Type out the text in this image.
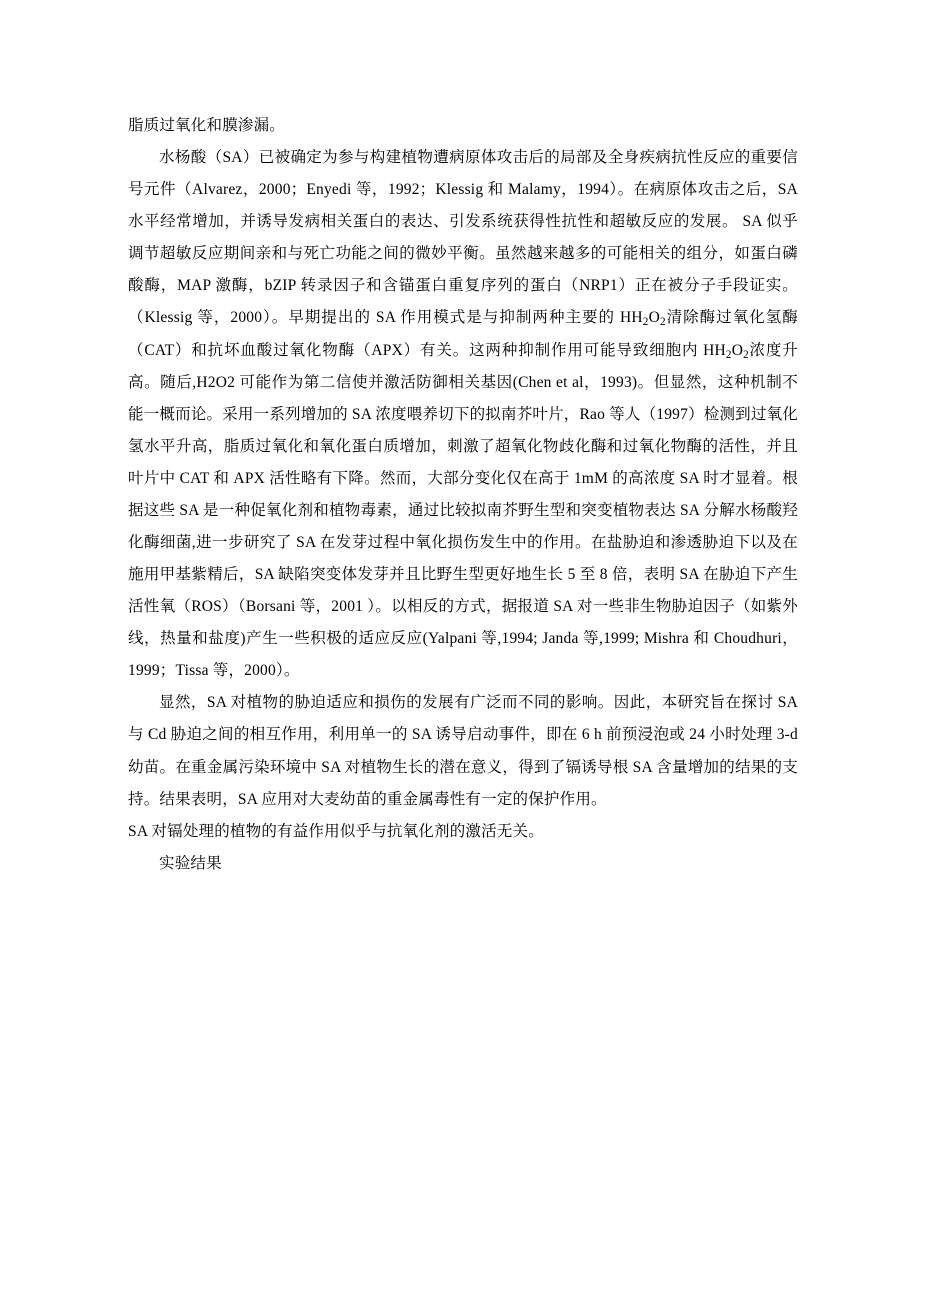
脂质过氧化和膜渗漏。

水杨酸（SA）已被确定为参与构建植物遭病原体攻击后的局部及全身疾病抗性反应的重要信号元件（Alvarez，2000；Enyedi 等，1992；Klessig 和 Malamy，1994）。在病原体攻击之后，SA 水平经常增加，并诱导发病相关蛋白的表达、引发系统获得性抗性和超敏反应的发展。 SA 似乎调节超敏反应期间亲和与死亡功能之间的微妙平衡。虽然越来越多的可能相关的组分，如蛋白磷酸酶，MAP 激酶，bZIP 转录因子和含锚蛋白重复序列的蛋白（NRP1）正在被分子手段证实。（Klessig 等，2000）。早期提出的 SA 作用模式是与抑制两种主要的 $HH_2O_2$清除酶过氧化氢酶（CAT）和抗坏血酸过氧化物酶（APX）有关。这两种抑制作用可能导致细胞内 $HH_2O_2$浓度升高。随后,H2O2 可能作为第二信使并激活防御相关基因(Chen et al，1993)。但显然，这种机制不能一概而论。采用一系列增加的 SA 浓度喂养切下的拟南芥叶片，Rao 等人（1997）检测到过氧化氢水平升高，脂质过氧化和氧化蛋白质增加，刺激了超氧化物歧化酶和过氧化物酶的活性，并且叶片中 CAT 和 APX 活性略有下降。然而，大部分变化仅在高于 1mM 的高浓度 SA 时才显着。根据这些 SA 是一种促氧化剂和植物毒素，通过比较拟南芥野生型和突变植物表达 SA 分解水杨酸羟化酶细菌,进一步研究了 SA 在发芽过程中氧化损伤发生中的作用。在盐胁迫和渗透胁迫下以及在施用甲基紫精后，SA 缺陷突变体发芽并且比野生型更好地生长 5 至 8 倍，表明 SA 在胁迫下产生活性氧（ROS）（Borsani 等，2001 ）。以相反的方式，据报道 SA 对一些非生物胁迫因子（如紫外线，热量和盐度)产生一些积极的适应反应(Yalpani 等,1994; Janda 等,1999; Mishra 和 Choudhuri，1999；Tissa 等，2000）。

显然，SA 对植物的胁迫适应和损伤的发展有广泛而不同的影响。因此，本研究旨在探讨 SA 与 Cd 胁迫之间的相互作用，利用单一的 SA 诱导启动事件，即在 6 h 前预浸泡或 24 小时处理 3-d 幼苗。在重金属污染环境中 SA 对植物生长的潜在意义，得到了镉诱导根 SA 含量增加的结果的支持。结果表明，SA 应用对大麦幼苗的重金属毒性有一定的保护作用。

SA 对镉处理的植物的有益作用似乎与抗氧化剂的激活无关。

实验结果
